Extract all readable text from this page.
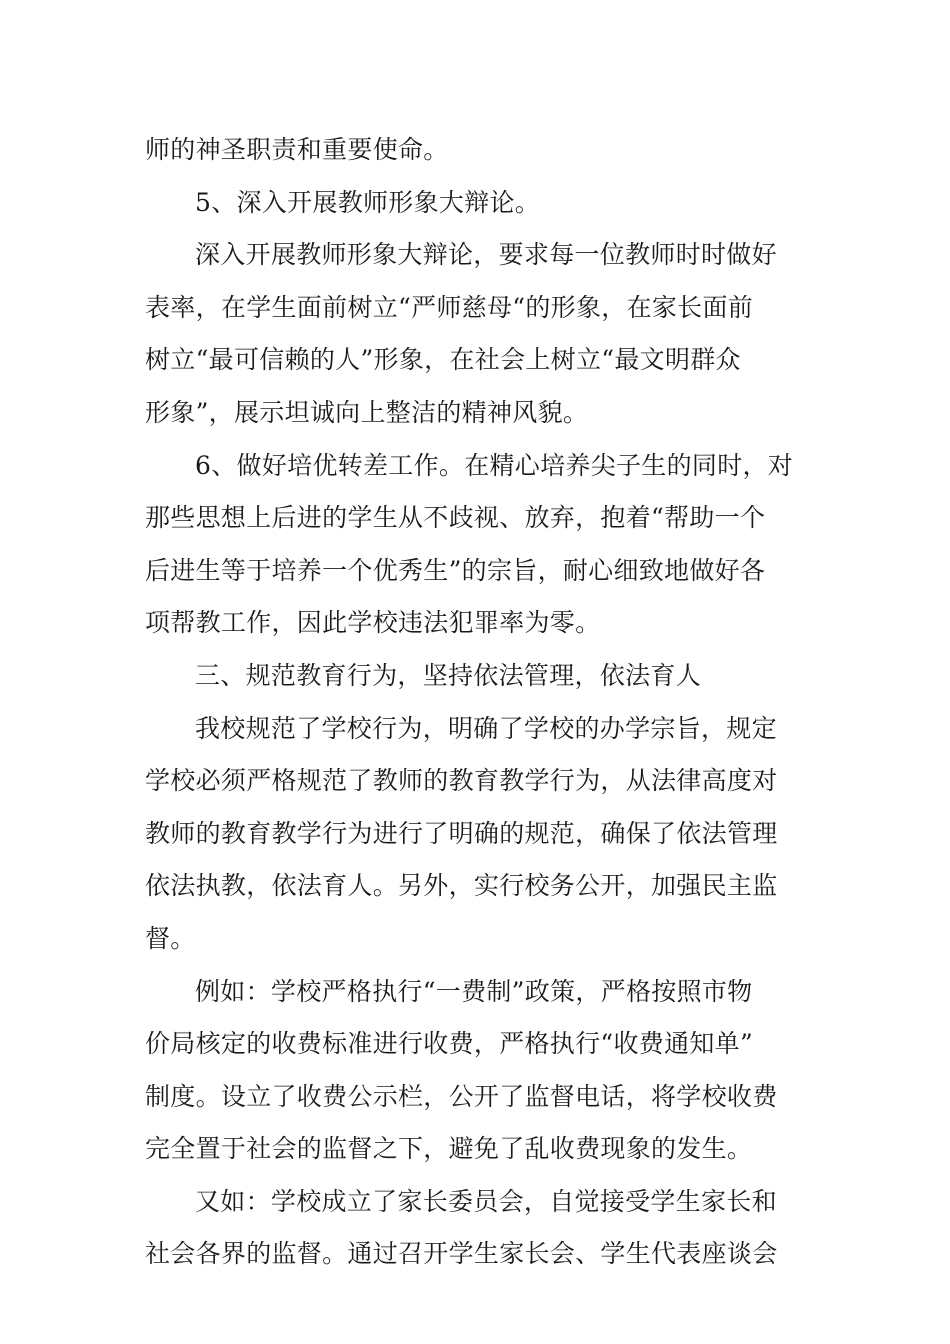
师的神圣职责和重要使命。
5、深入开展教师形象大辩论。
深入开展教师形象大辩论，要求每一位教师时时做好
表率，在学生面前树立“严师慈母“的形象，在家长面前
树立“最可信赖的人”形象，在社会上树立“最文明群众
形象”，展示坦诚向上整洁的精神风貌。
6、做好培优转差工作。在精心培养尖子生的同时，对
那些思想上后进的学生从不歧视、放弃，抱着“帮助一个
后进生等于培养一个优秀生”的宗旨，耐心细致地做好各
项帮教工作，因此学校违法犯罪率为零。
三、规范教育行为，坚持依法管理，依法育人
我校规范了学校行为，明确了学校的办学宗旨，规定
学校必须严格规范了教师的教育教学行为，从法律高度对
教师的教育教学行为进行了明确的规范，确保了依法管理
依法执教，依法育人。另外，实行校务公开，加强民主监
督。
例如：学校严格执行“一费制”政策，严格按照市物
价局核定的收费标准进行收费，严格执行“收费通知单”
制度。设立了收费公示栏，公开了监督电话，将学校收费
完全置于社会的监督之下，避免了乱收费现象的发生。
又如：学校成立了家长委员会，自觉接受学生家长和
社会各界的监督。通过召开学生家长会、学生代表座谈会
